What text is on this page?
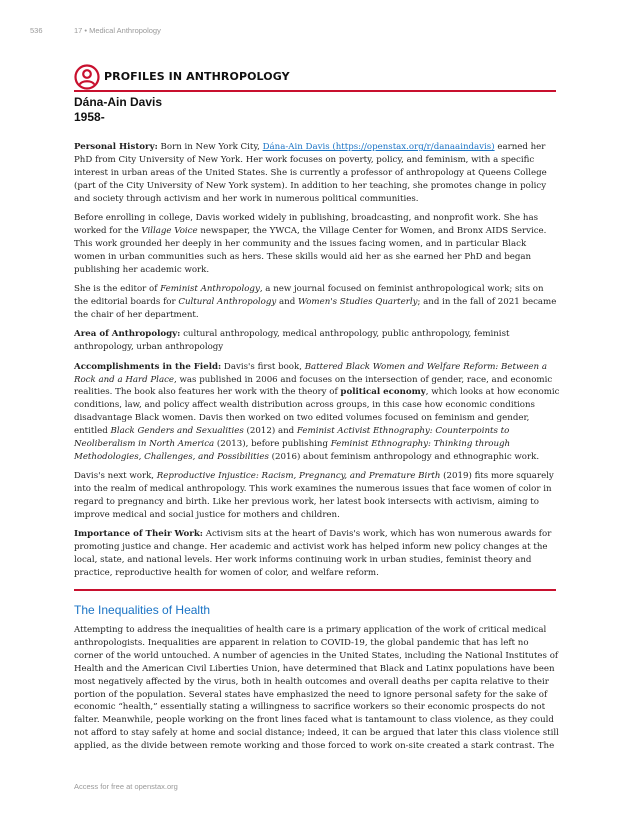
536	17 • Medical Anthropology
PROFILES IN ANTHROPOLOGY
Dána-Ain Davis
1958-

Personal History: Born in New York City, Dána-Ain Davis (https://openstax.org/r/danaaindavis) earned her PhD from City University of New York. Her work focuses on poverty, policy, and feminism, with a specific interest in urban areas of the United States. She is currently a professor of anthropology at Queens College (part of the City University of New York system). In addition to her teaching, she promotes change in policy and society through activism and her work in numerous political communities.

Before enrolling in college, Davis worked widely in publishing, broadcasting, and nonprofit work. She has worked for the Village Voice newspaper, the YWCA, the Village Center for Women, and Bronx AIDS Service. This work grounded her deeply in her community and the issues facing women, and in particular Black women in urban communities such as hers. These skills would aid her as she earned her PhD and began publishing her academic work.

She is the editor of Feminist Anthropology, a new journal focused on feminist anthropological work; sits on the editorial boards for Cultural Anthropology and Women's Studies Quarterly; and in the fall of 2021 became the chair of her department.

Area of Anthropology: cultural anthropology, medical anthropology, public anthropology, feminist anthropology, urban anthropology

Accomplishments in the Field: Davis's first book, Battered Black Women and Welfare Reform: Between a Rock and a Hard Place, was published in 2006 and focuses on the intersection of gender, race, and economic realities. The book also features her work with the theory of political economy, which looks at how economic conditions, law, and policy affect wealth distribution across groups, in this case how economic conditions disadvantage Black women. Davis then worked on two edited volumes focused on feminism and gender, entitled Black Genders and Sexualities (2012) and Feminist Activist Ethnography: Counterpoints to Neoliberalism in North America (2013), before publishing Feminist Ethnography: Thinking through Methodologies, Challenges, and Possibilities (2016) about feminism anthropology and ethnographic work.

Davis's next work, Reproductive Injustice: Racism, Pregnancy, and Premature Birth (2019) fits more squarely into the realm of medical anthropology. This work examines the numerous issues that face women of color in regard to pregnancy and birth. Like her previous work, her latest book intersects with activism, aiming to improve medical and social justice for mothers and children.

Importance of Their Work: Activism sits at the heart of Davis's work, which has won numerous awards for promoting justice and change. Her academic and activist work has helped inform new policy changes at the local, state, and national levels. Her work informs continuing work in urban studies, feminist theory and practice, reproductive health for women of color, and welfare reform.

The Inequalities of Health

Attempting to address the inequalities of health care is a primary application of the work of critical medical anthropologists. Inequalities are apparent in relation to COVID-19, the global pandemic that has left no corner of the world untouched. A number of agencies in the United States, including the National Institutes of Health and the American Civil Liberties Union, have determined that Black and Latinx populations have been most negatively affected by the virus, both in health outcomes and overall deaths per capita relative to their portion of the population. Several states have emphasized the need to ignore personal safety for the sake of economic “health,” essentially stating a willingness to sacrifice workers so their economic prospects do not falter. Meanwhile, people working on the front lines faced what is tantamount to class violence, as they could not afford to stay safely at home and social distance; indeed, it can be argued that later this class violence still applied, as the divide between remote working and those forced to work on-site created a stark contrast. The

Access for free at openstax.org
